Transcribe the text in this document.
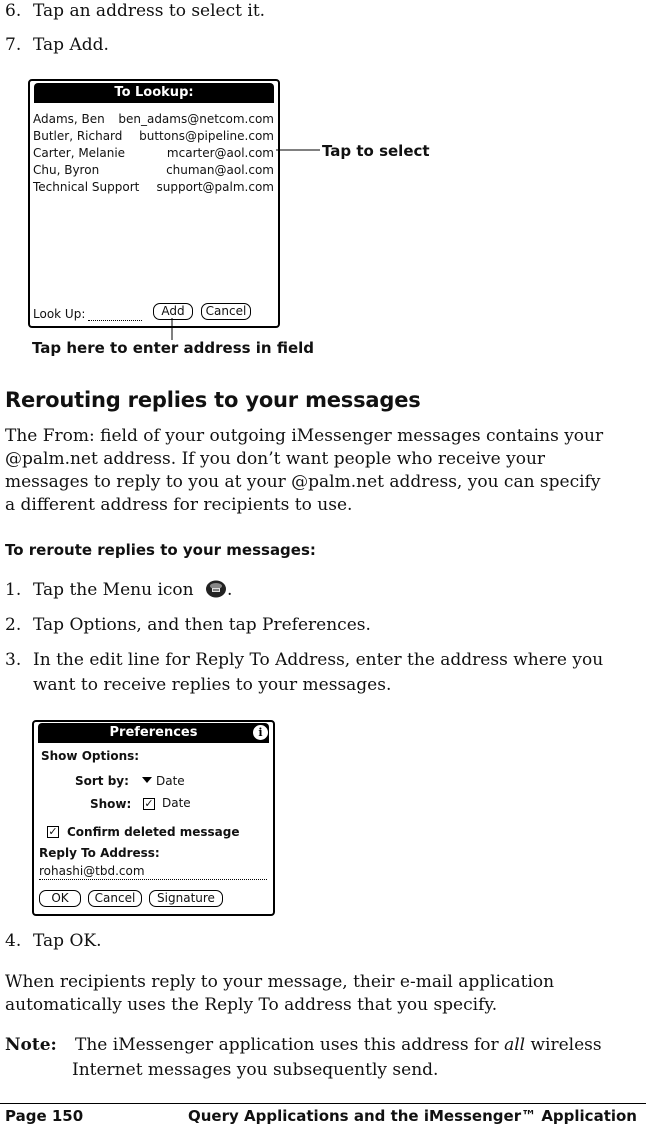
6. Tap an address to select it.
7. Tap Add.
To Lookup:
Adams, Ben ben_adams@netcom.com
Butler, Richard buttons@pipeline.com
Carter, Melanie	mcarter@aol.com
Chu, Byron	chuman@aol.com
Technical Support support@palm.com
Look Up:	Add	Cancel
Tap to select
Tap here to enter address in field
Rerouting replies to your messages
The From: field of your outgoing iMessenger messages contains your
@palm.net address. If you don’t want people who receive your
messages to reply to you at your @palm.net address, you can specify
a different address for recipients to use.
To reroute replies to your messages:
1. Tap the Menu icon .
2. Tap Options, and then tap Preferences.
3. In the edit line for Reply To Address, enter the address where you
want to receive replies to your messages.
Preferences	i
Show Options:
Sort by:	Date
Show: ✓ Date
✓ Confirm deleted message
Reply To Address:
rohashi@tbd.com
OK	Cancel	Signature
4. Tap OK.
When recipients reply to your message, their e-mail application
automatically uses the Reply To address that you specify.
Note: The iMessenger application uses this address for all wireless
Internet messages you subsequently send.
Page 150	Query Applications and the iMessenger™ Application
